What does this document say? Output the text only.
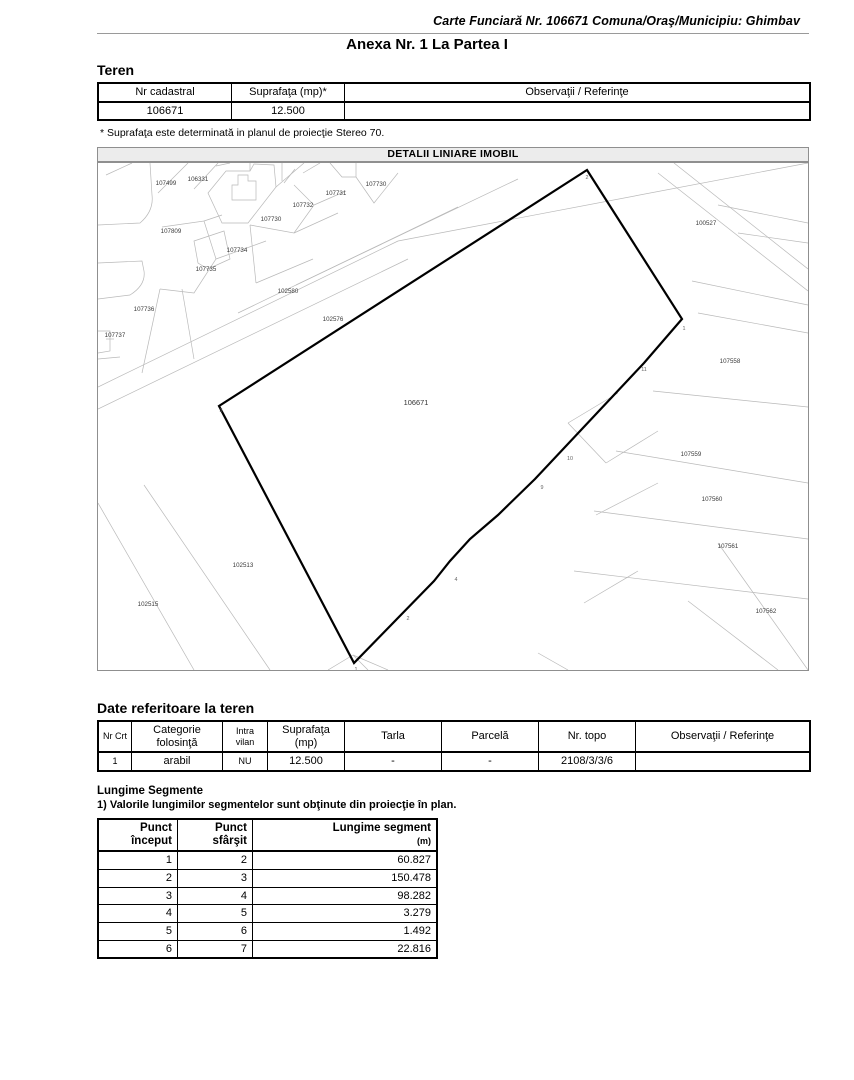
Carte Funciară Nr. 106671 Comuna/Oraş/Municipiu: Ghimbav
Anexa Nr. 1 La Partea I
Teren
Nr cadastral	Suprafaţa (mp)*	Observaţii / Referinţe
106671	12.500	
* Suprafaţa este determinată in planul de proiecţie Stereo 70.
DETALII LINIARE IMOBIL
107499
106331
107730
107731
107732
107730
107809
107734
107735
102580
102576
107736
107737
100527
107558
107559
107560
107561
107562
102513
102515
2
1
11
10
9
4
2
3
1
106671
Date referitoare la teren
Nr Crt	Categorie folosinţă	Intra vilan	Suprafaţa (mp)	Tarla	Parcelă	Nr. topo	Observaţii / Referinţe
1	arabil	NU	12.500	-	-	2108/3/3/6	
Lungime Segmente
1) Valorile lungimilor segmentelor sunt obţinute din proiecţie în plan.
Punct început	Punct sfârşit	Lungime segment
(m)
1	2	60.827
2	3	150.478
3	4	98.282
4	5	3.279
5	6	1.492
6	7	22.816
